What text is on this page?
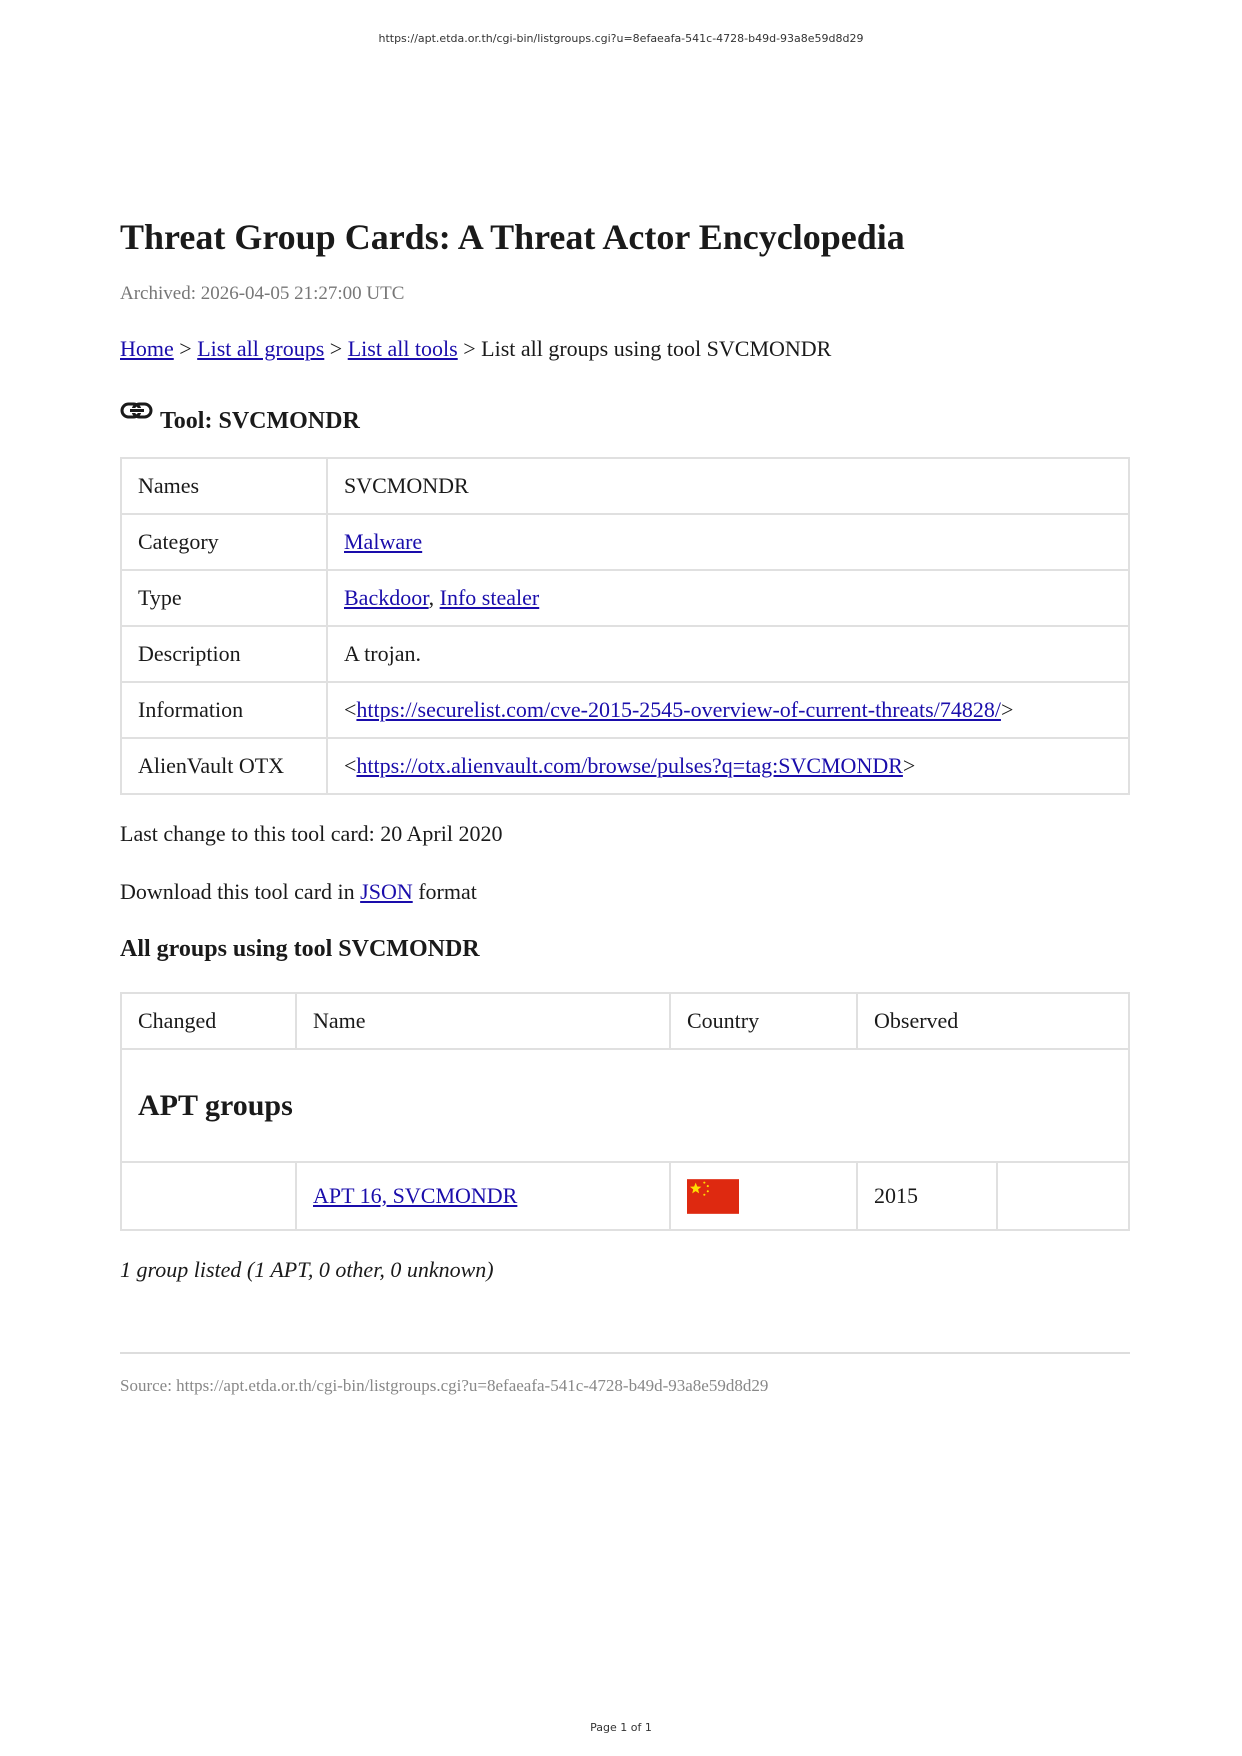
https://apt.etda.or.th/cgi-bin/listgroups.cgi?u=8efaeafa-541c-4728-b49d-93a8e59d8d29
Threat Group Cards: A Threat Actor Encyclopedia
Archived: 2026-04-05 21:27:00 UTC
Home > List all groups > List all tools > List all groups using tool SVCMONDR
Tool: SVCMONDR
Names	SVCMONDR
Category	Malware
Type	Backdoor, Info stealer
Description	A trojan.
Information	<https://securelist.com/cve-2015-2545-overview-of-current-threats/74828/>
AlienVault OTX	<https://otx.alienvault.com/browse/pulses?q=tag:SVCMONDR>
Last change to this tool card: 20 April 2020
Download this tool card in JSON format
All groups using tool SVCMONDR
Changed	Name	Country	Observed	
APT groups				
	APT 16, SVCMONDR		2015	
1 group listed (1 APT, 0 other, 0 unknown)
Source: https://apt.etda.or.th/cgi-bin/listgroups.cgi?u=8efaeafa-541c-4728-b49d-93a8e59d8d29
Page 1 of 1
